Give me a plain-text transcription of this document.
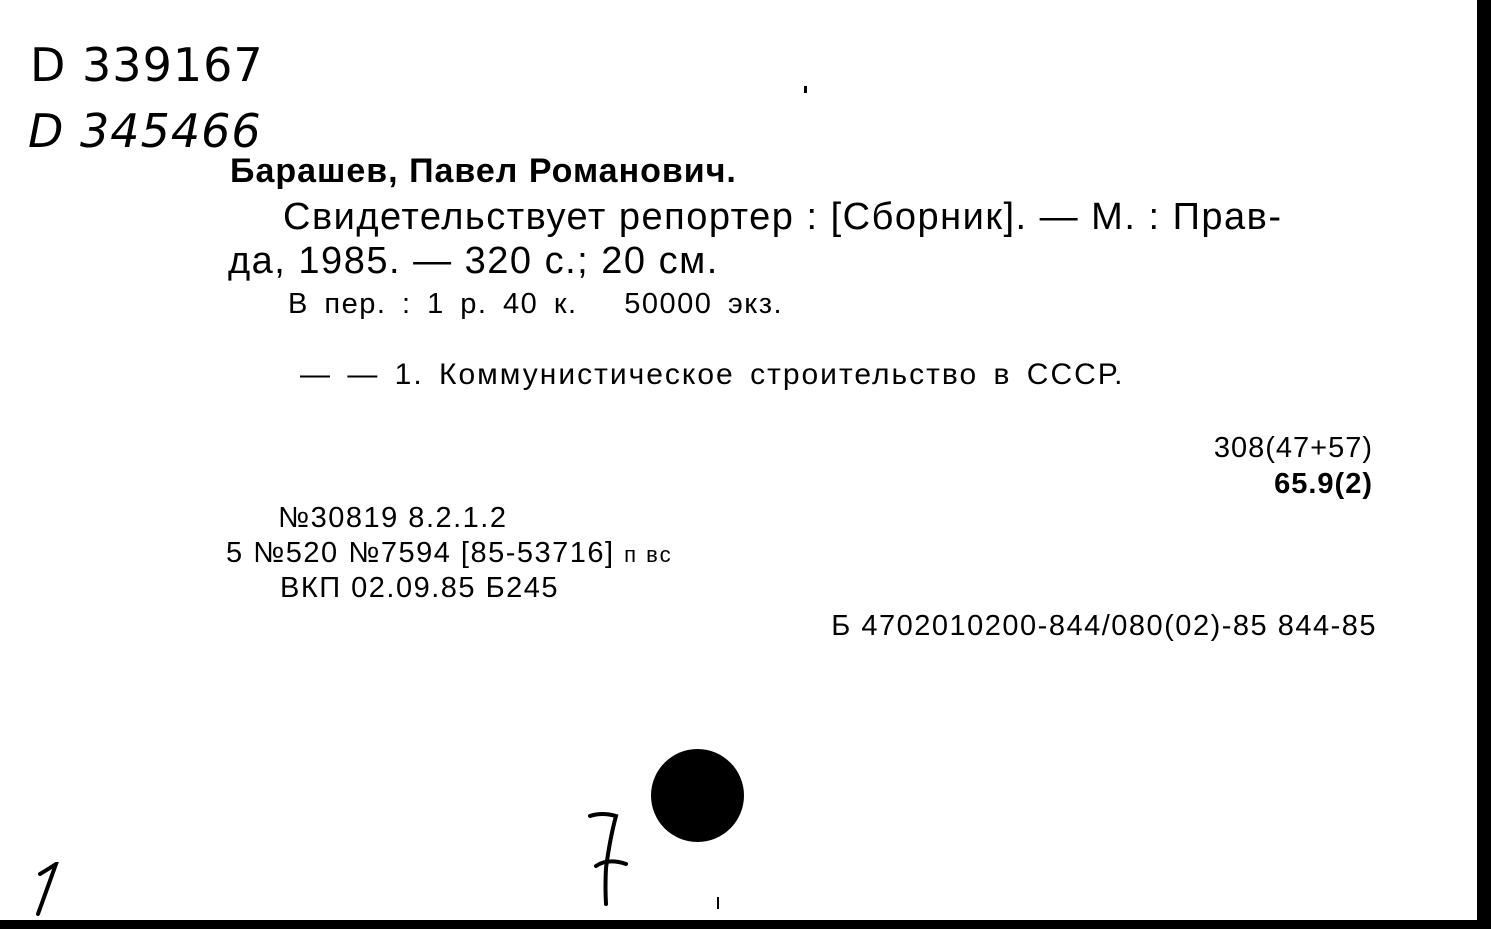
D 339167
D 345466
Барашев, Павел Романович.
Свидетельствует репортер : [Сборник]. — М. : Прав-
да, 1985. — 320 с.; 20 см.
В пер. : 1 р. 40 к.   50000 экз.
— — 1. Коммунистическое строительство в СССР.
308(47+57)
65.9(2)
№30819 8.2.1.2
5 №520 №7594 [85-53716] п вс
ВКП 02.09.85 Б245
Б 4702010200-844/080(02)-85 844-85
7
1
